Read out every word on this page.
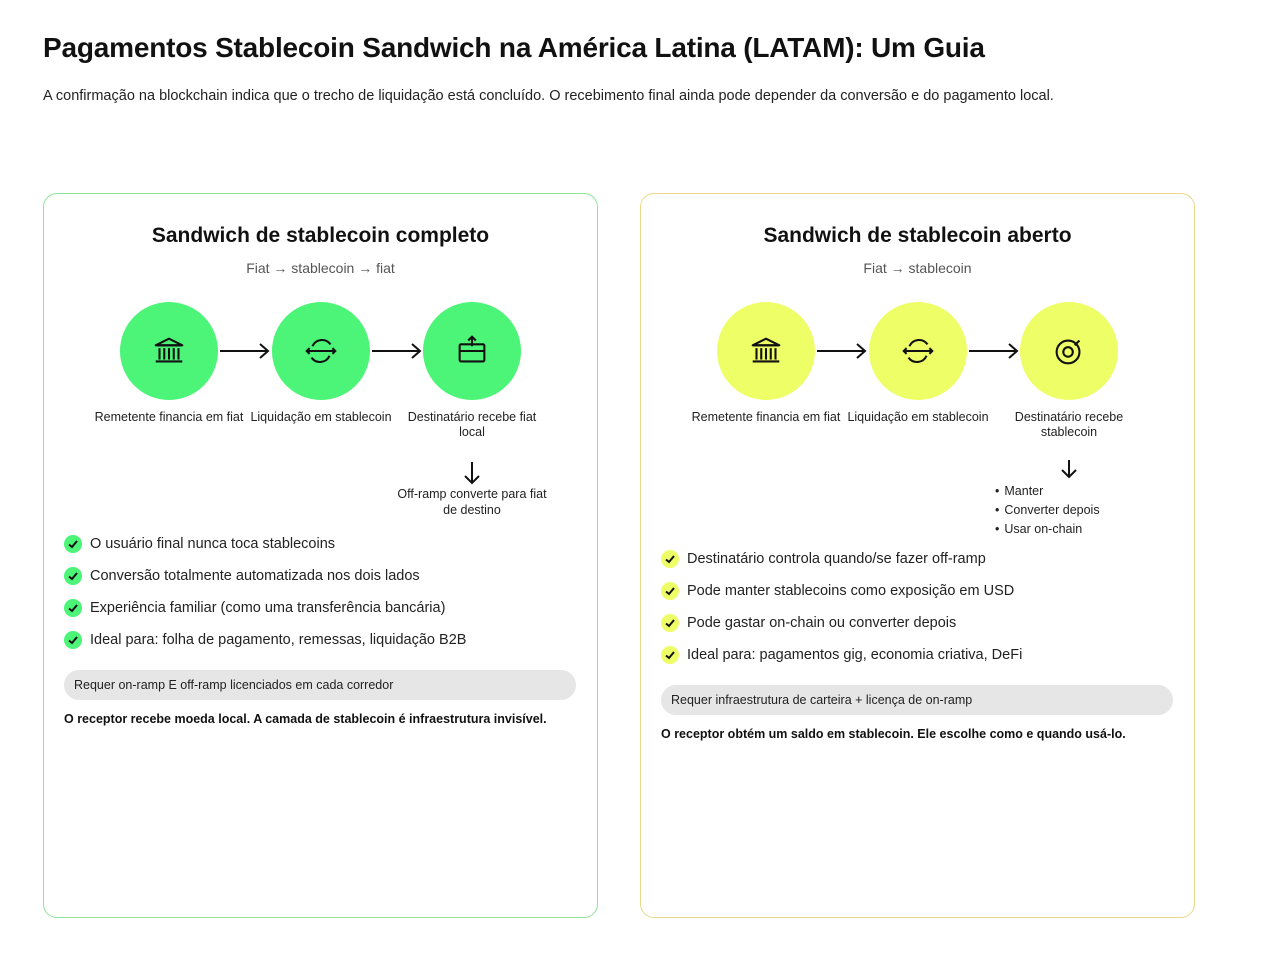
Pagamentos Stablecoin Sandwich na América Latina (LATAM): Um Guia

A confirmação na blockchain indica que o trecho de liquidação está concluído. O recebimento final ainda pode depender da conversão e do pagamento local.

Sandwich de stablecoin completo
Fiat → stablecoin → fiat
Remetente financia em fiat Liquidação em stablecoin	Destinatário recebe fiat local
Off-ramp converte para fiat de destino
O usuário final nunca toca stablecoins
Conversão totalmente automatizada nos dois lados
Experiência familiar (como uma transferência bancária)
Ideal para: folha de pagamento, remessas, liquidação B2B
Requer on-ramp E off-ramp licenciados em cada corredor
O receptor recebe moeda local. A camada de stablecoin é infraestrutura invisível.
Sandwich de stablecoin aberto
Fiat → stablecoin
Remetente financia em fiat Liquidação em stablecoin	Destinatário recebe stablecoin
• Manter
• Converter depois
• Usar on-chain
Destinatário controla quando/se fazer off-ramp
Pode manter stablecoins como exposição em USD
Pode gastar on-chain ou converter depois
Ideal para: pagamentos gig, economia criativa, DeFi
Requer infraestrutura de carteira + licença de on-ramp
O receptor obtém um saldo em stablecoin. Ele escolhe como e quando usá-lo.
